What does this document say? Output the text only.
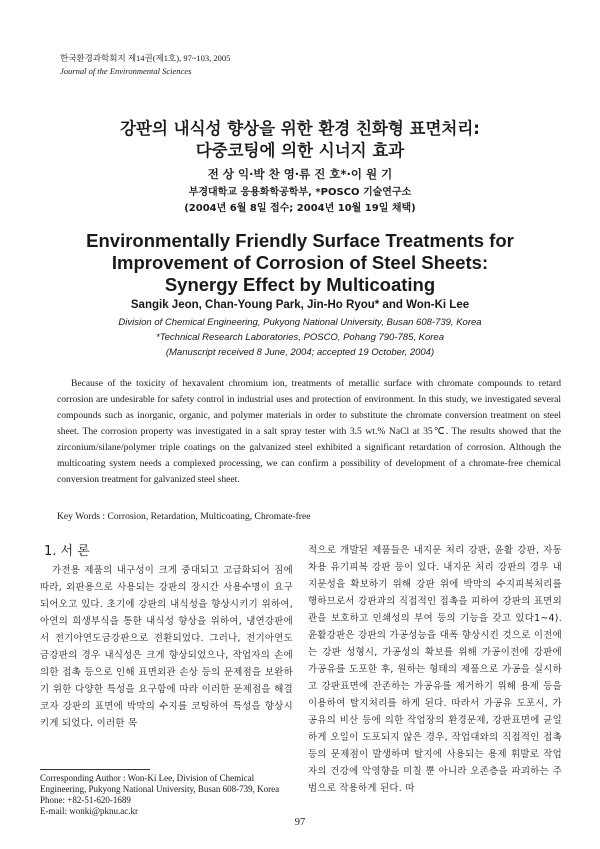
한국환경과학회지 제14권(제1호), 97~103, 2005
Journal of the Environmental Sciences
강판의 내식성 향상을 위한 환경 친화형 표면처리:
다중코팅에 의한 시너지 효과
전 상 익·박 찬 영·류 진 호*·이 원 기
부경대학교 응용화학공학부, *POSCO 기술연구소
(2004년 6월 8일 접수; 2004년 10월 19일 채택)
Environmentally Friendly Surface Treatments for
Improvement of Corrosion of Steel Sheets:
Synergy Effect by Multicoating
Sangik Jeon, Chan-Young Park, Jin-Ho Ryou* and Won-Ki Lee
Division of Chemical Engineering, Pukyong National University, Busan 608-739, Korea
*Technical Research Laboratories, POSCO, Pohang 790-785, Korea
(Manuscript received 8 June, 2004; accepted 19 October, 2004)
Because of the toxicity of hexavalent chromium ion, treatments of metallic surface with chromate compounds to retard corrosion are undesirable for safety control in industrial uses and protection of environment. In this study, we investigated several compounds such as inorganic, organic, and polymer materials in order to substitute the chromate conversion treatment on steel sheet. The corrosion property was investigated in a salt spray tester with 3.5 wt.% NaCl at 35℃. The results showed that the zirconium/silane/polymer triple coatings on the galvanized steel exhibited a significant retardation of corrosion. Although the multicoating system needs a complexed processing, we can confirm a possibility of development of a chromate-free chemical conversion treatment for galvanized steel sheet.
Key Words : Corrosion, Retardation, Multicoating, Chromate-free
1. 서 론
가전용 제품의 내구성이 크게 중대되고 고급화되어 짐에 따라, 외판용으로 사용되는 강판의 장시간 사용수명이 요구되어오고 있다. 초기에 강판의 내식성을 향상시키기 위하여, 아연의 희생부식을 통한 내식성 향상을 위하여, 냉연강판에서 전기아연도금강판으로 전환되었다. 그러나, 전기아연도금강판의 경우 내식성은 크게 향상되었으나, 작업자의 손에 의한 접촉 등으로 인해 표면외관 손상 등의 문제점을 보완하기 위한 다양한 특성을 요구함에 따라 이러한 문제점을 해결코자 강판의 표면에 박막의 수지를 코팅하여 특성을 향상시키게 되었다. 이러한 목
적으로 개발된 제품들은 내지문 처리 강판, 윤활 강판, 자동차용 유기피복 강판 등이 있다. 내지문 처리 강판의 경우 내지문성을 확보하기 위해 강판 위에 박막의 수지피복처리를 행하므로서 강판과의 직접적인 접촉을 피하여 강판의 표면외관을 보호하고 인쇄성의 부여 등의 기능을 갖고 있다1~4). 윤활강판은 강판의 가공성능을 대폭 향상시킨 것으로 이전에는 강판 성형시, 가공성의 확보를 위해 가공이전에 강판에 가공유를 도포한 후, 원하는 형태의 제품으로 가공을 실시하고 강판표면에 잔존하는 가공유를 제거하기 위해 용제 등을 이용하여 탈지처리를 하게 된다. 따라서 가공유 도포시, 가공유의 비산 등에 의한 작업장의 환경문제, 강판표면에 균일하게 오일이 도포되지 않은 경우, 작업대와의 직접적인 접촉 등의 문제점이 발생하며 탈지에 사용되는 용제 휘발로 작업자의 건강에 악영향을 미칠 뿐 아니라 오존층을 파괴하는 주범으로 작용하게 된다. 따
Corresponding Author : Won-Ki Lee, Division of Chemical Engineering, Pukyong National University, Busan 608-739, Korea
Phone: +82-51-620-1689
E-mail: wonki@pknu.ac.kr
97
